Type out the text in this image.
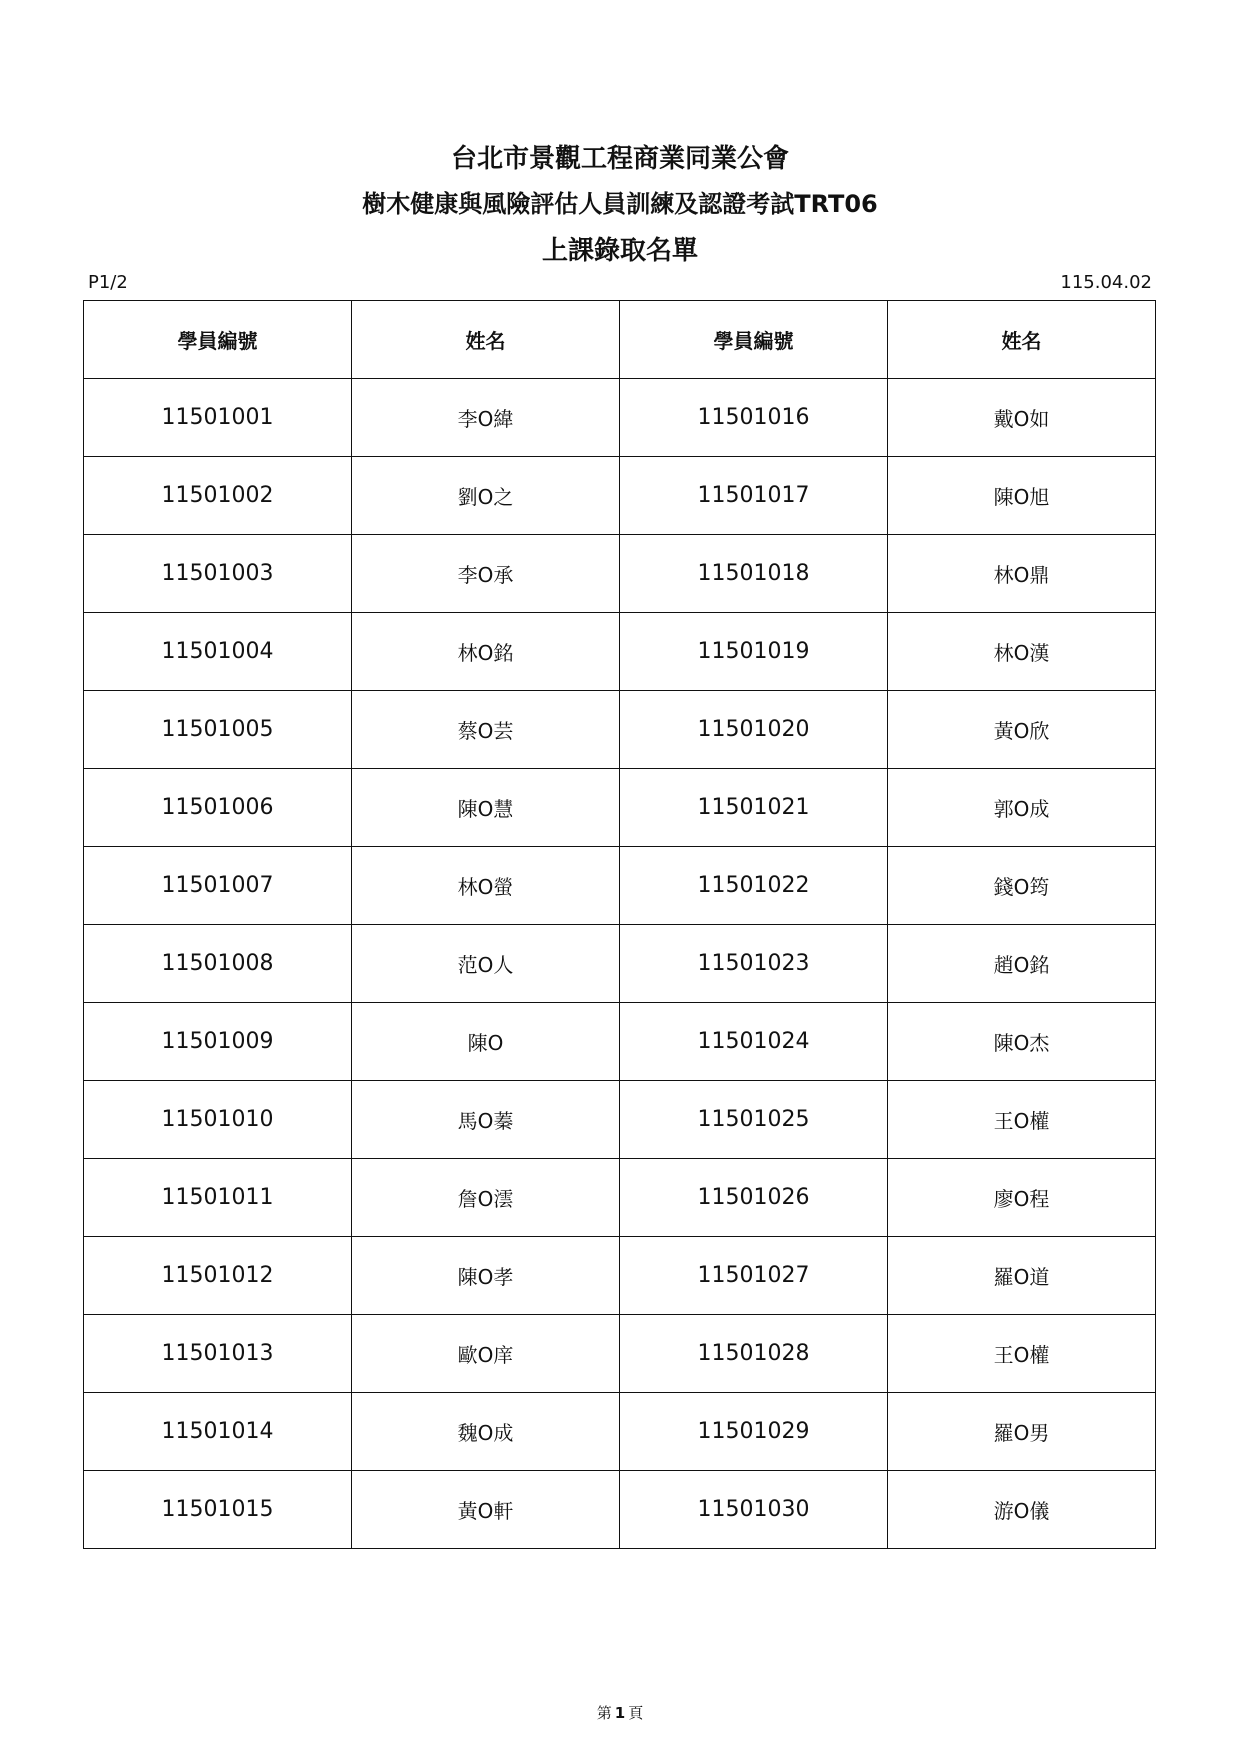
台北市景觀工程商業同業公會
樹木健康與風險評估人員訓練及認證考試TRT06
上課錄取名單
P1/2	115.04.02
學員編號	姓名	學員編號	姓名
11501001	李O緯	11501016	戴O如
11501002	劉O之	11501017	陳O旭
11501003	李O承	11501018	林O鼎
11501004	林O銘	11501019	林O漢
11501005	蔡O芸	11501020	黃O欣
11501006	陳O慧	11501021	郭O成
11501007	林O螢	11501022	錢O筠
11501008	范O人	11501023	趙O銘
11501009	陳O	11501024	陳O杰
11501010	馬O蓁	11501025	王O權
11501011	詹O澐	11501026	廖O程
11501012	陳O孝	11501027	羅O道
11501013	歐O庠	11501028	王O權
11501014	魏O成	11501029	羅O男
11501015	黃O軒	11501030	游O儀
第 1 頁
